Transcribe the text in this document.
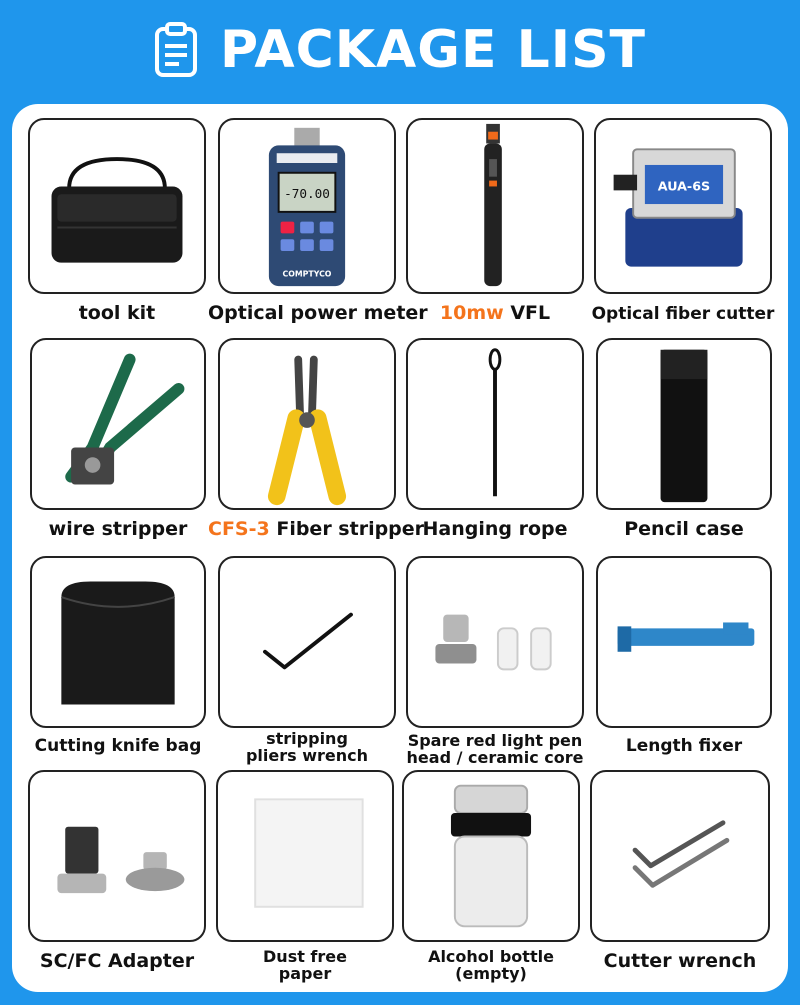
PACKAGE LIST
tool kit
-70.00
COMPTYCO
Optical power meter 10mw VFL
AUA-6S
Optical fiber cutter
wire stripper	CFS-3 Fiber stripper
Hanging rope	Pencil case
Cutting knife bag	stripping
pliers wrench
Spare red light pen
head / ceramic core
Length fixer
SC/FC Adapter	Dust free
paper
Alcohol bottle
(empty)
Cutter wrench
